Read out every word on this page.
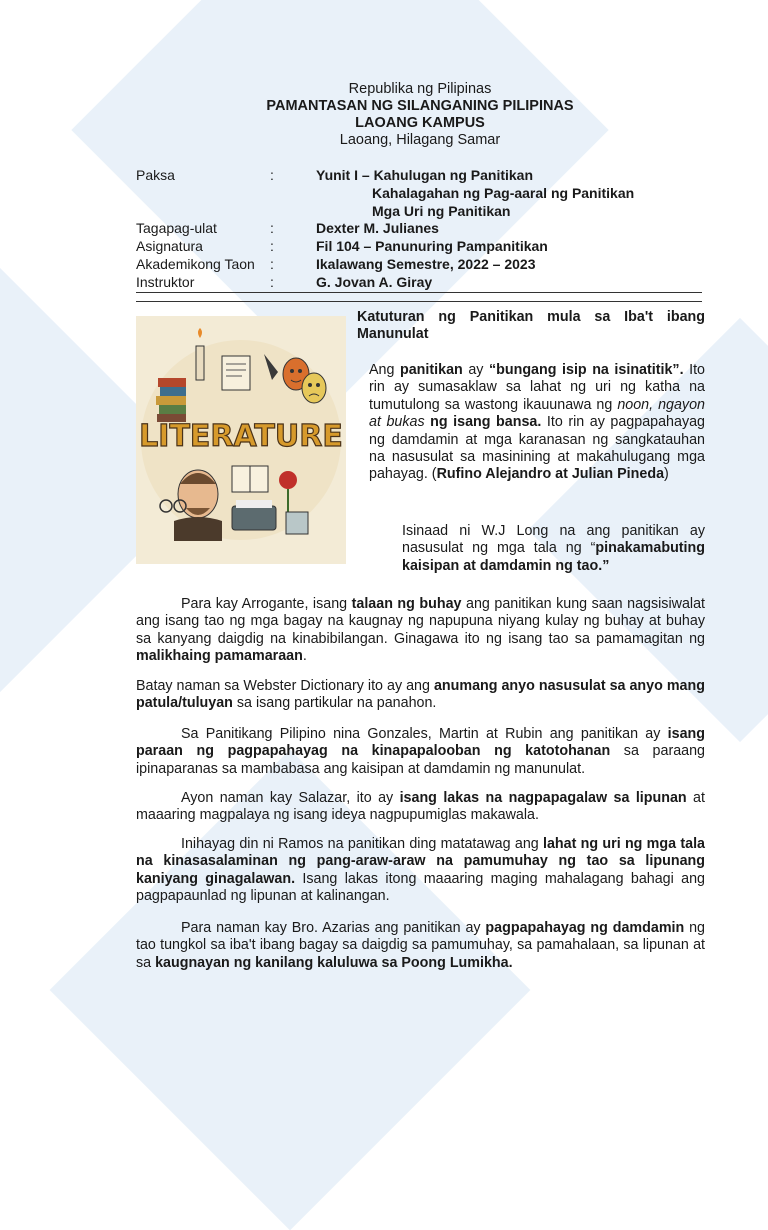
Republika ng Pilipinas
PAMANTASAN NG SILANGANING PILIPINAS
LAOANG KAMPUS
Laoang, Hilagang Samar
Paksa	:	Yunit I – Kahulugan ng Panitikan
Kahalagahan ng Pag-aaral ng Panitikan
Mga Uri ng Panitikan
Tagapag-ulat	:	Dexter M. Julianes
Asignatura	:	Fil 104 – Panunuring Pampanitikan
Akademikong Taon :	Ikalawang Semestre, 2022 – 2023
Instruktor	:	G. Jovan A. Giray
LITERATURE
Katuturan ng Panitikan mula sa Iba't ibang Manunulat
Ang panitikan ay “bungang isip na isinatitik”. Ito rin ay sumasaklaw sa lahat ng uri ng katha na tumutulong sa wastong ikauunawa ng noon, ngayon at bukas ng isang bansa. Ito rin ay pagpapahayag ng damdamin at mga karanasan ng sangkatauhan na nasusulat sa masinining at makahulugang mga pahayag. (Rufino Alejandro at Julian Pineda)
Isinaad ni W.J Long na ang panitikan ay nasusulat ng mga tala ng “pinakamabuting kaisipan at damdamin ng tao.”
Para kay Arrogante, isang talaan ng buhay ang panitikan kung saan nagsisiwalat ang isang tao ng mga bagay na kaugnay ng napupuna niyang kulay ng buhay at buhay sa kanyang daigdig na kinabibilangan. Ginagawa ito ng isang tao sa pamamagitan ng malikhaing pamamaraan.
Batay naman sa Webster Dictionary ito ay ang anumang anyo nasusulat sa anyo mang patula/tuluyan sa isang partikular na panahon.
Sa Panitikang Pilipino nina Gonzales, Martin at Rubin ang panitikan ay isang paraan ng pagpapahayag na kinapapalooban ng katotohanan sa paraang ipinaparanas sa mambabasa ang kaisipan at damdamin ng manunulat.
Ayon naman kay Salazar, ito ay isang lakas na nagpapagalaw sa lipunan at maaaring magpalaya ng isang ideya nagpupumiglas makawala.
Inihayag din ni Ramos na panitikan ding matatawag ang lahat ng uri ng mga tala na kinasasalaminan ng pang-araw-araw na pamumuhay ng tao sa lipunang kaniyang ginagalawan. Isang lakas itong maaaring maging mahalagang bahagi ang pagpapaunlad ng lipunan at kalinangan.
Para naman kay Bro. Azarias ang panitikan ay pagpapahayag ng damdamin ng tao tungkol sa iba't ibang bagay sa daigdig sa pamumuhay, sa pamahalaan, sa lipunan at sa kaugnayan ng kanilang kaluluwa sa Poong Lumikha.
